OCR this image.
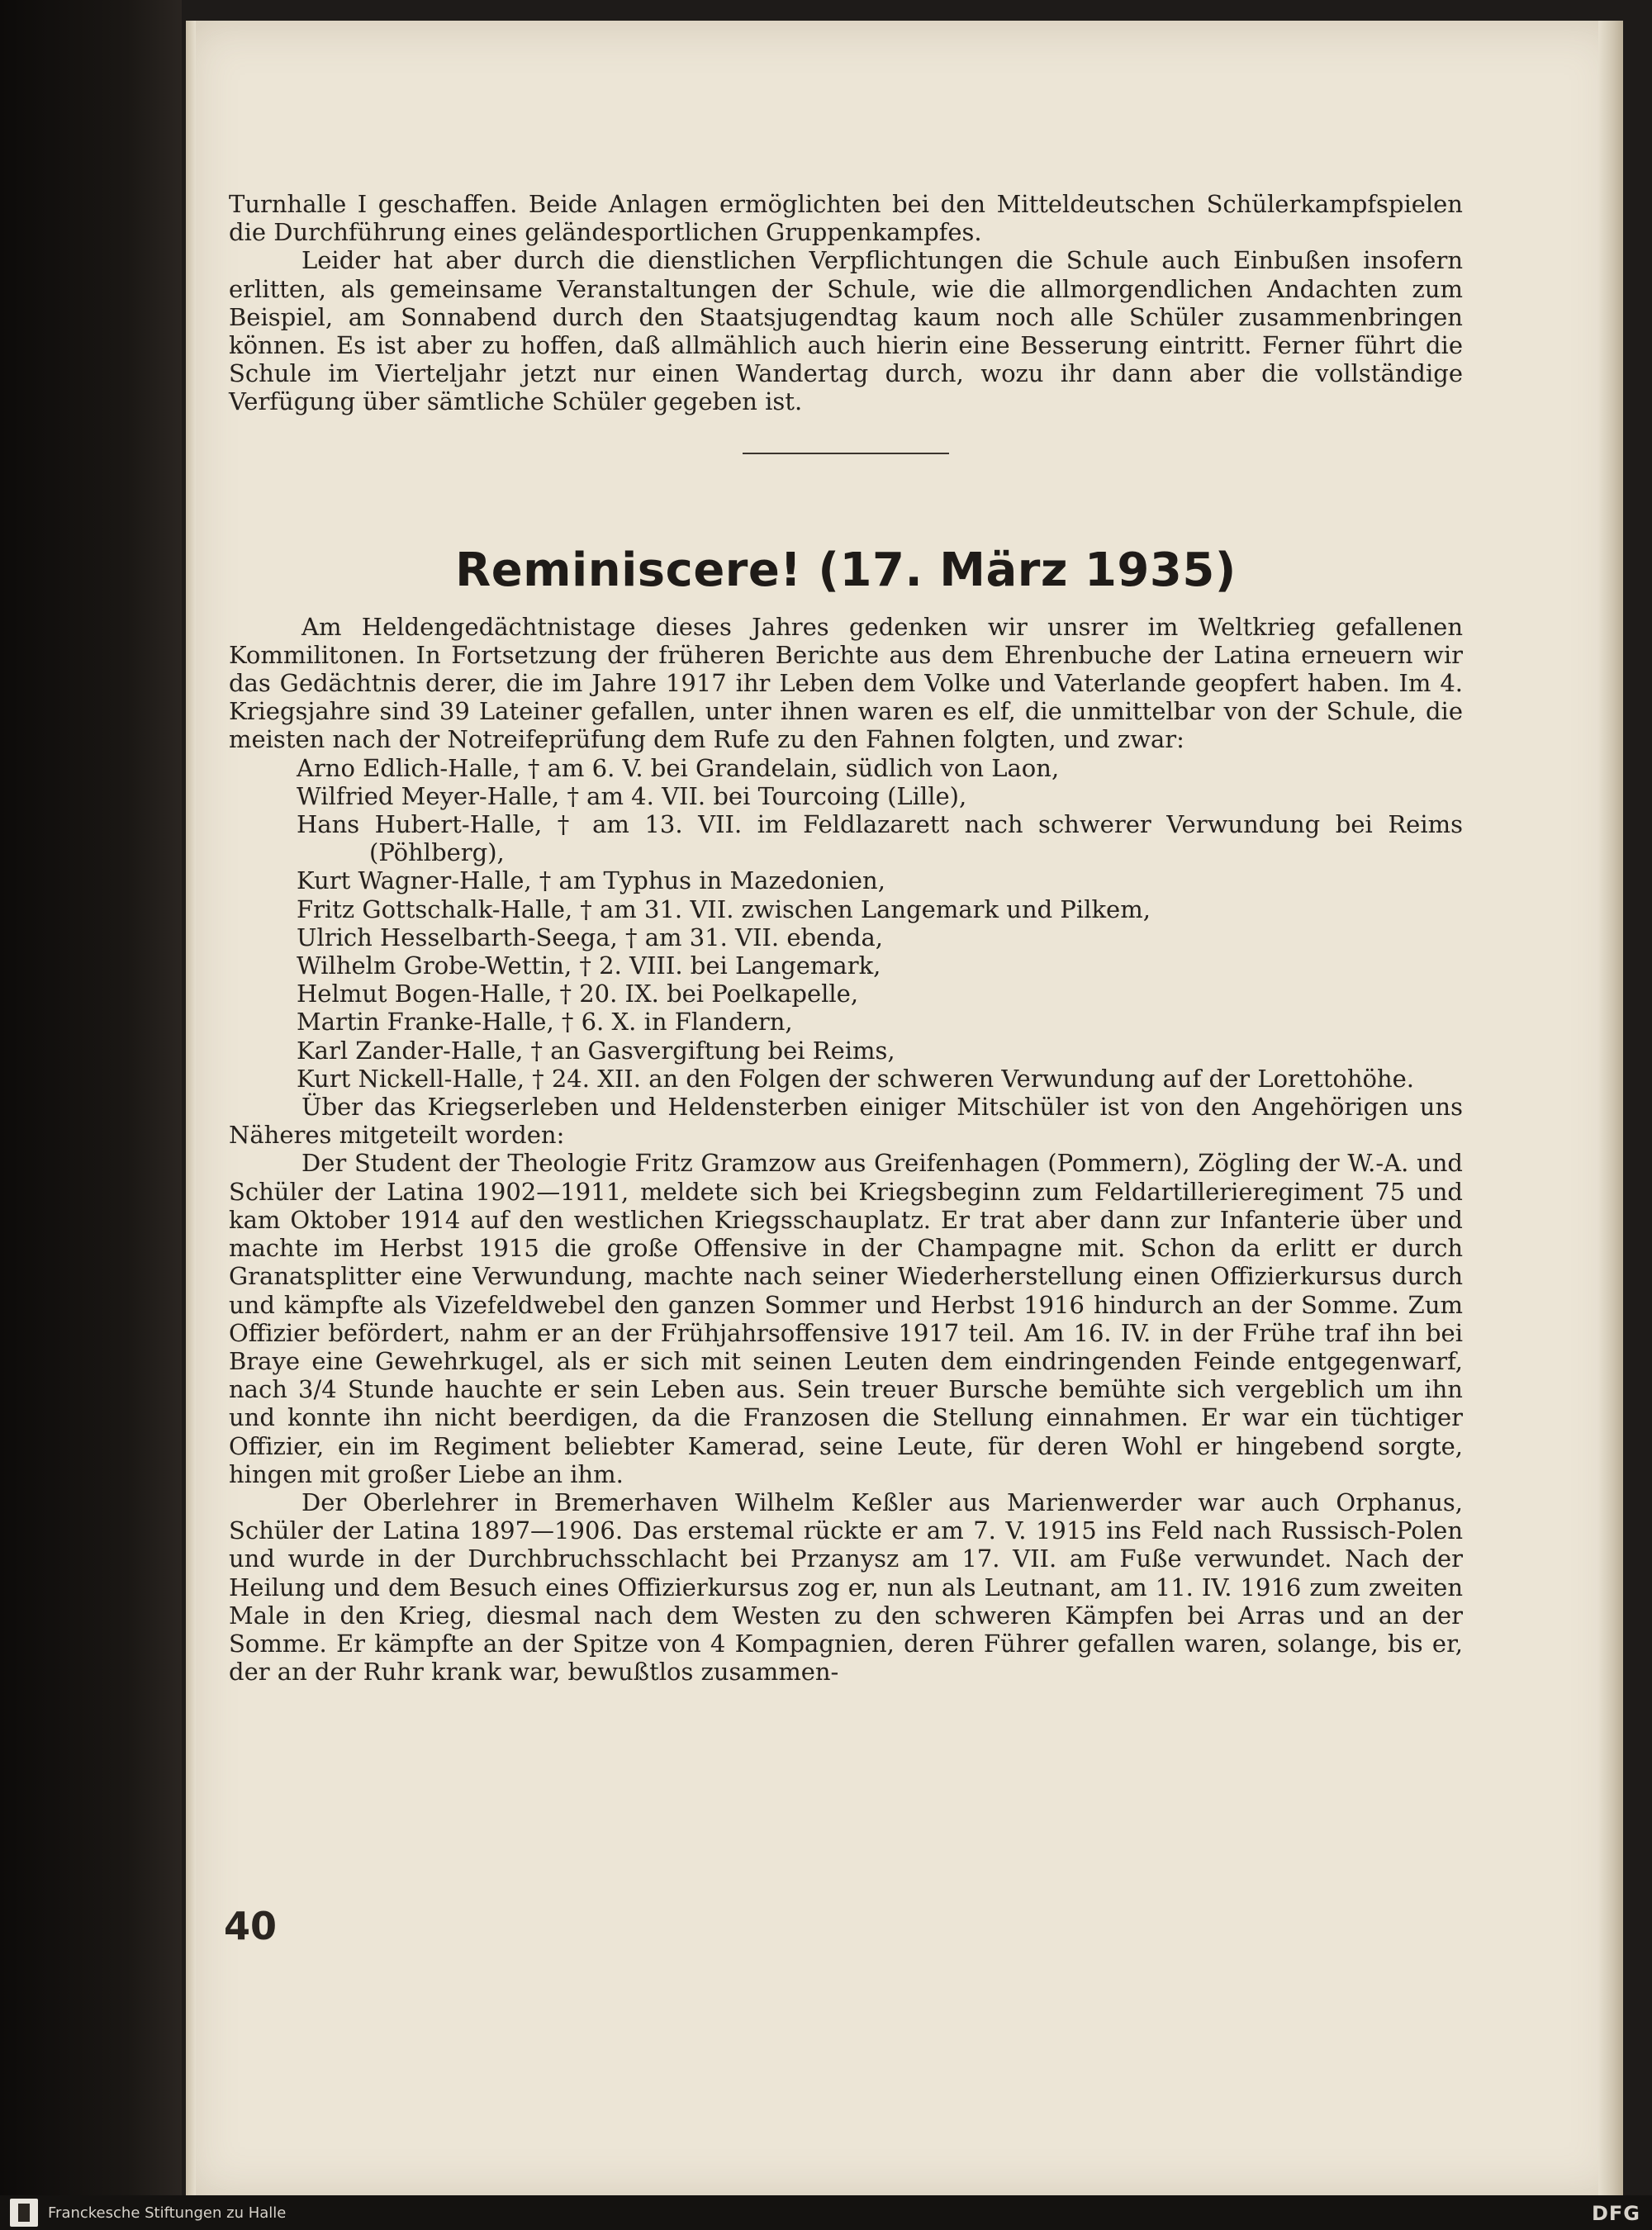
Turnhalle I geschaffen. Beide Anlagen ermöglichten bei den Mitteldeutschen Schülerkampfspielen die Durchführung eines geländesportlichen Gruppenkampfes.

Leider hat aber durch die dienstlichen Verpflichtungen die Schule auch Einbußen insofern erlitten, als gemeinsame Veranstaltungen der Schule, wie die allmorgendlichen Andachten zum Beispiel, am Sonnabend durch den Staatsjugendtag kaum noch alle Schüler zusammenbringen können. Es ist aber zu hoffen, daß allmählich auch hierin eine Besserung eintritt. Ferner führt die Schule im Vierteljahr jetzt nur einen Wandertag durch, wozu ihr dann aber die vollständige Verfügung über sämtliche Schüler gegeben ist.

Reminiscere! (17. März 1935)

Am Heldengedächtnistage dieses Jahres gedenken wir unsrer im Weltkrieg gefallenen Kommilitonen. In Fortsetzung der früheren Berichte aus dem Ehrenbuche der Latina erneuern wir das Gedächtnis derer, die im Jahre 1917 ihr Leben dem Volke und Vaterlande geopfert haben. Im 4. Kriegsjahre sind 39 Lateiner gefallen, unter ihnen waren es elf, die unmittelbar von der Schule, die meisten nach der Notreifeprüfung dem Rufe zu den Fahnen folgten, und zwar:

Arno Edlich-Halle, † am 6. V. bei Grandelain, südlich von Laon,
Wilfried Meyer-Halle, † am 4. VII. bei Tourcoing (Lille),
Hans Hubert-Halle, † am 13. VII. im Feldlazarett nach schwerer Verwundung bei Reims (Pöhlberg),
Kurt Wagner-Halle, † am Typhus in Mazedonien,
Fritz Gottschalk-Halle, † am 31. VII. zwischen Langemark und Pilkem,
Ulrich Hesselbarth-Seega, † am 31. VII. ebenda,
Wilhelm Grobe-Wettin, † 2. VIII. bei Langemark,
Helmut Bogen-Halle, † 20. IX. bei Poelkapelle,
Martin Franke-Halle, † 6. X. in Flandern,
Karl Zander-Halle, † an Gasvergiftung bei Reims,
Kurt Nickell-Halle, † 24. XII. an den Folgen der schweren Verwundung auf der Lorettohöhe.

Über das Kriegserleben und Heldensterben einiger Mitschüler ist von den Angehörigen uns Näheres mitgeteilt worden:

Der Student der Theologie Fritz Gramzow aus Greifenhagen (Pommern), Zögling der W.-A. und Schüler der Latina 1902—1911, meldete sich bei Kriegsbeginn zum Feldartillerieregiment 75 und kam Oktober 1914 auf den westlichen Kriegsschauplatz. Er trat aber dann zur Infanterie über und machte im Herbst 1915 die große Offensive in der Champagne mit. Schon da erlitt er durch Granatsplitter eine Verwundung, machte nach seiner Wiederherstellung einen Offizierkursus durch und kämpfte als Vizefeldwebel den ganzen Sommer und Herbst 1916 hindurch an der Somme. Zum Offizier befördert, nahm er an der Frühjahrsoffensive 1917 teil. Am 16. IV. in der Frühe traf ihn bei Braye eine Gewehrkugel, als er sich mit seinen Leuten dem eindringenden Feinde entgegenwarf, nach 3/4 Stunde hauchte er sein Leben aus. Sein treuer Bursche bemühte sich vergeblich um ihn und konnte ihn nicht beerdigen, da die Franzosen die Stellung einnahmen. Er war ein tüchtiger Offizier, ein im Regiment beliebter Kamerad, seine Leute, für deren Wohl er hingebend sorgte, hingen mit großer Liebe an ihm.

Der Oberlehrer in Bremerhaven Wilhelm Keßler aus Marienwerder war auch Orphanus, Schüler der Latina 1897—1906. Das erstemal rückte er am 7. V. 1915 ins Feld nach Russisch-Polen und wurde in der Durchbruchsschlacht bei Przanysz am 17. VII. am Fuße verwundet. Nach der Heilung und dem Besuch eines Offizierkursus zog er, nun als Leutnant, am 11. IV. 1916 zum zweiten Male in den Krieg, diesmal nach dem Westen zu den schweren Kämpfen bei Arras und an der Somme. Er kämpfte an der Spitze von 4 Kompagnien, deren Führer gefallen waren, solange, bis er, der an der Ruhr krank war, bewußtlos zusammen-

40
Franckesche Stiftungen zu Halle	DFG
